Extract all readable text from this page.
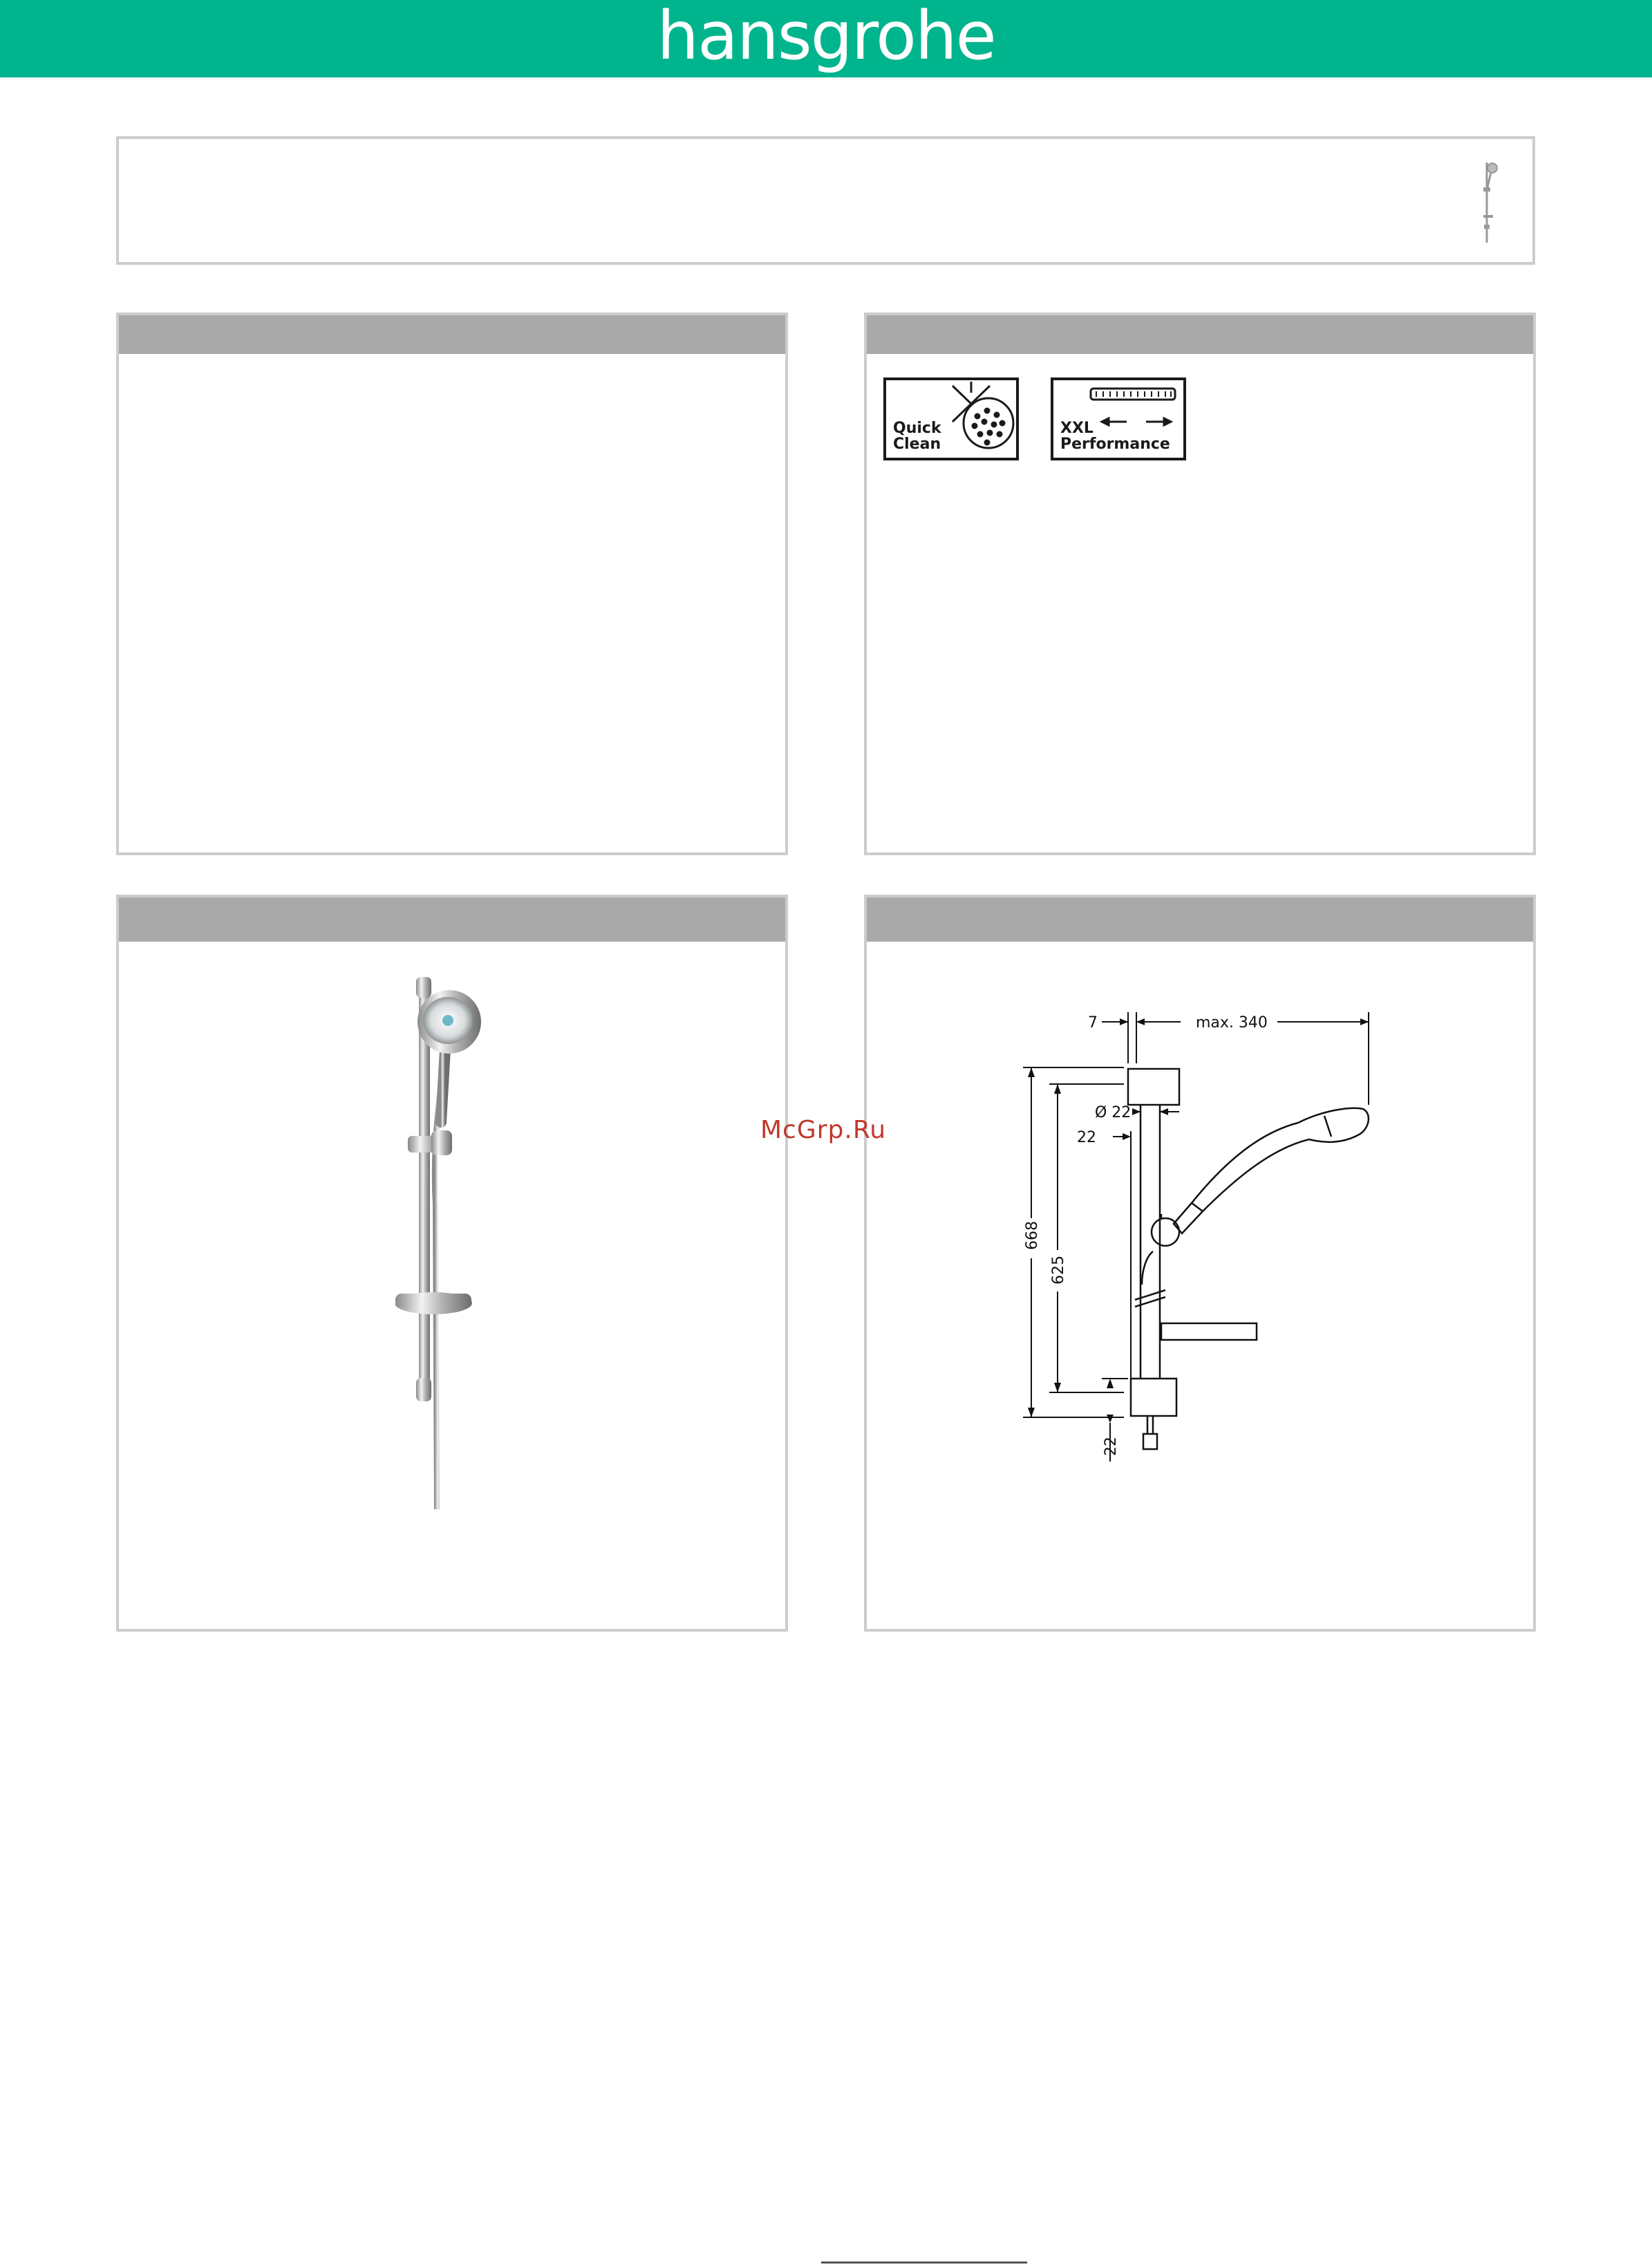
hansgrohe
Quick
Clean
XXL
Performance
7	max. 340
Ø 22
22
668
625
22
McGrp.Ru
